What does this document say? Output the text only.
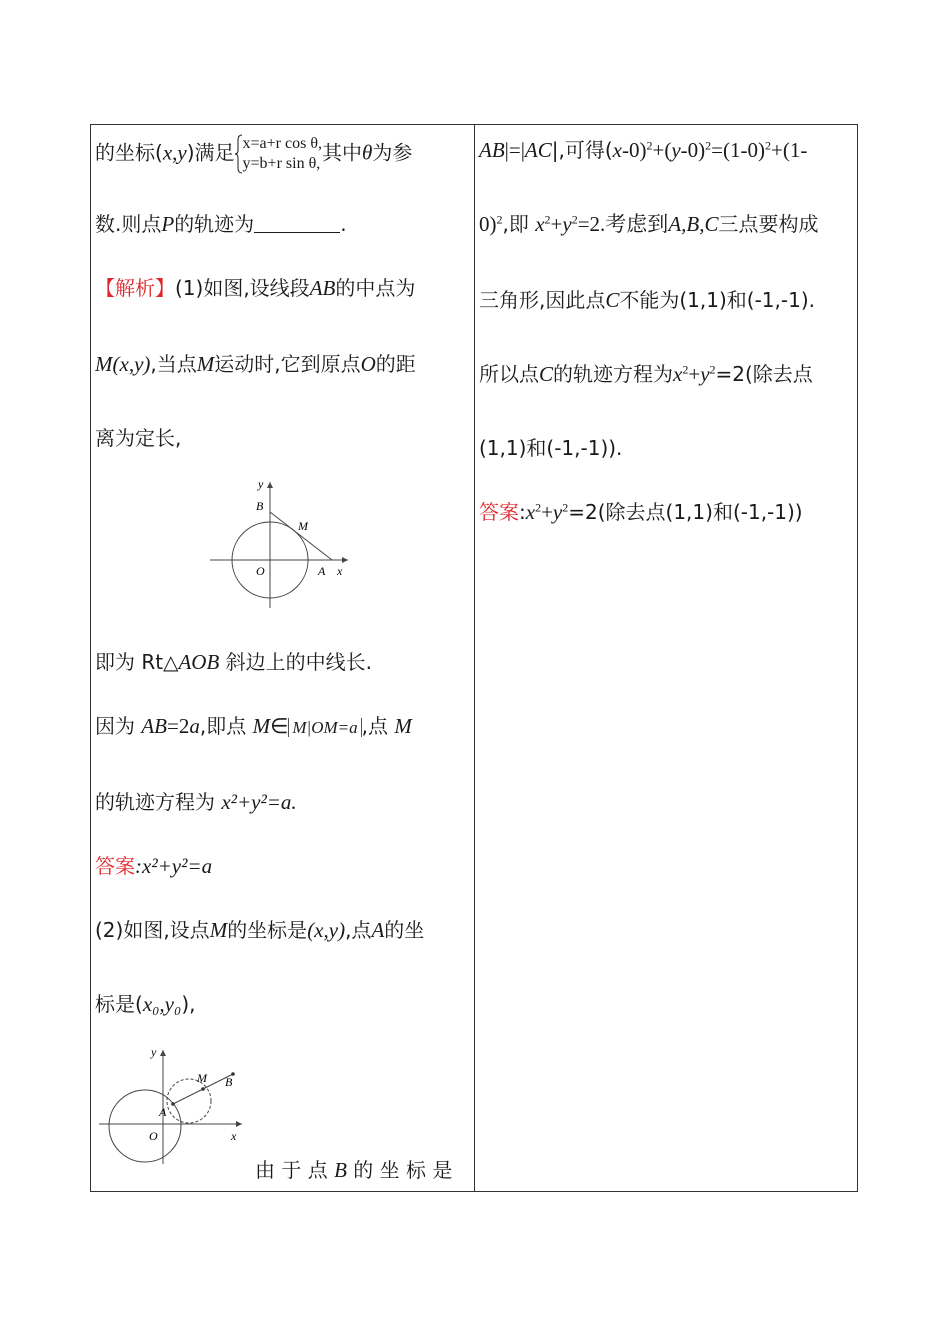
的坐标(x,y)满足 x=a+r cos θ,
y=b+r sin θ, 其中θ为参
数.则点P的轨迹为	.
【解析】(1)如图,设线段AB的中点为
M(x,y),当点M运动时,它到原点O的距
离为定长,
y
B
M
O	A x
即为 Rt△AOB 斜边上的中线长.
因为 AB=2a,即点 M∈ M|OM=a ,点 M
的轨迹方程为 x²+y²=a.
答案:x²+y²=a
(2)如图,设点M的坐标是(x,y),点A的坐
标是(x₀,y₀),
y
M B
A
O	x
由 于 点 B 的 坐 标 是
AB|=|AC|,可得$(x-0)^2+(y-0)^2=(1-0)^2+(1-$
0)$^2$,即 $x^2+y^2=2$.考虑到A,B,C三点要构成
三角形,因此点C不能为(1,1)和(-1,-1).
所以点C的轨迹方程为$x^2+y^2=2$(除去点
(1,1)和(-1,-1)).
答案$:x^2+y^2=2$(除去点(1,1)和(-1,-1))
